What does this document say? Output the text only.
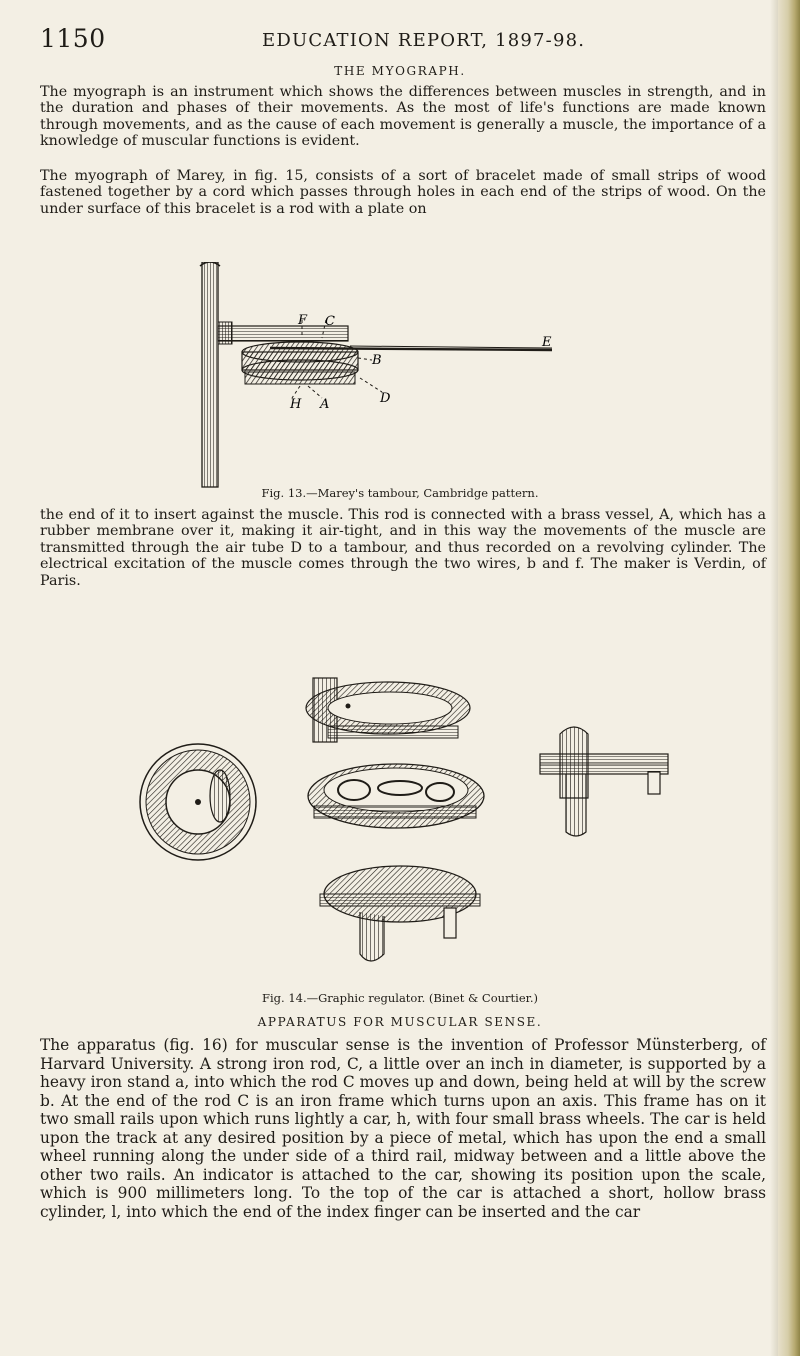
1150	EDUCATION REPORT, 1897-98.
THE MYOGRAPH.

The myograph is an instrument which shows the differences between muscles in strength, and in the duration and phases of their movements. As the most of life's functions are made known through movements, and as the cause of each movement is generally a muscle, the importance of a knowledge of muscular functions is evident.

The myograph of Marey, in fig. 15, consists of a sort of bracelet made of small strips of wood fastened together by a cord which passes through holes in each end of the strips of wood. On the under surface of this bracelet is a rod with a plate on

F C
E
B
H A	D
Fig. 13.—Marey's tambour, Cambridge pattern.

the end of it to insert against the muscle. This rod is connected with a brass vessel, A, which has a rubber membrane over it, making it air-tight, and in this way the movements of the muscle are transmitted through the air tube D to a tambour, and thus recorded on a revolving cylinder. The electrical excitation of the muscle comes through the two wires, b and f. The maker is Verdin, of Paris.

Fig. 14.—Graphic regulator. (Binet & Courtier.)
APPARATUS FOR MUSCULAR SENSE.

The apparatus (fig. 16) for muscular sense is the invention of Professor Münsterberg, of Harvard University. A strong iron rod, C, a little over an inch in diameter, is supported by a heavy iron stand a, into which the rod C moves up and down, being held at will by the screw b. At the end of the rod C is an iron frame which turns upon an axis. This frame has on it two small rails upon which runs lightly a car, h, with four small brass wheels. The car is held upon the track at any desired position by a piece of metal, which has upon the end a small wheel running along the under side of a third rail, midway between and a little above the other two rails. An indicator is attached to the car, showing its position upon the scale, which is 900 millimeters long. To the top of the car is attached a short, hollow brass cylinder, l, into which the end of the index finger can be inserted and the car
